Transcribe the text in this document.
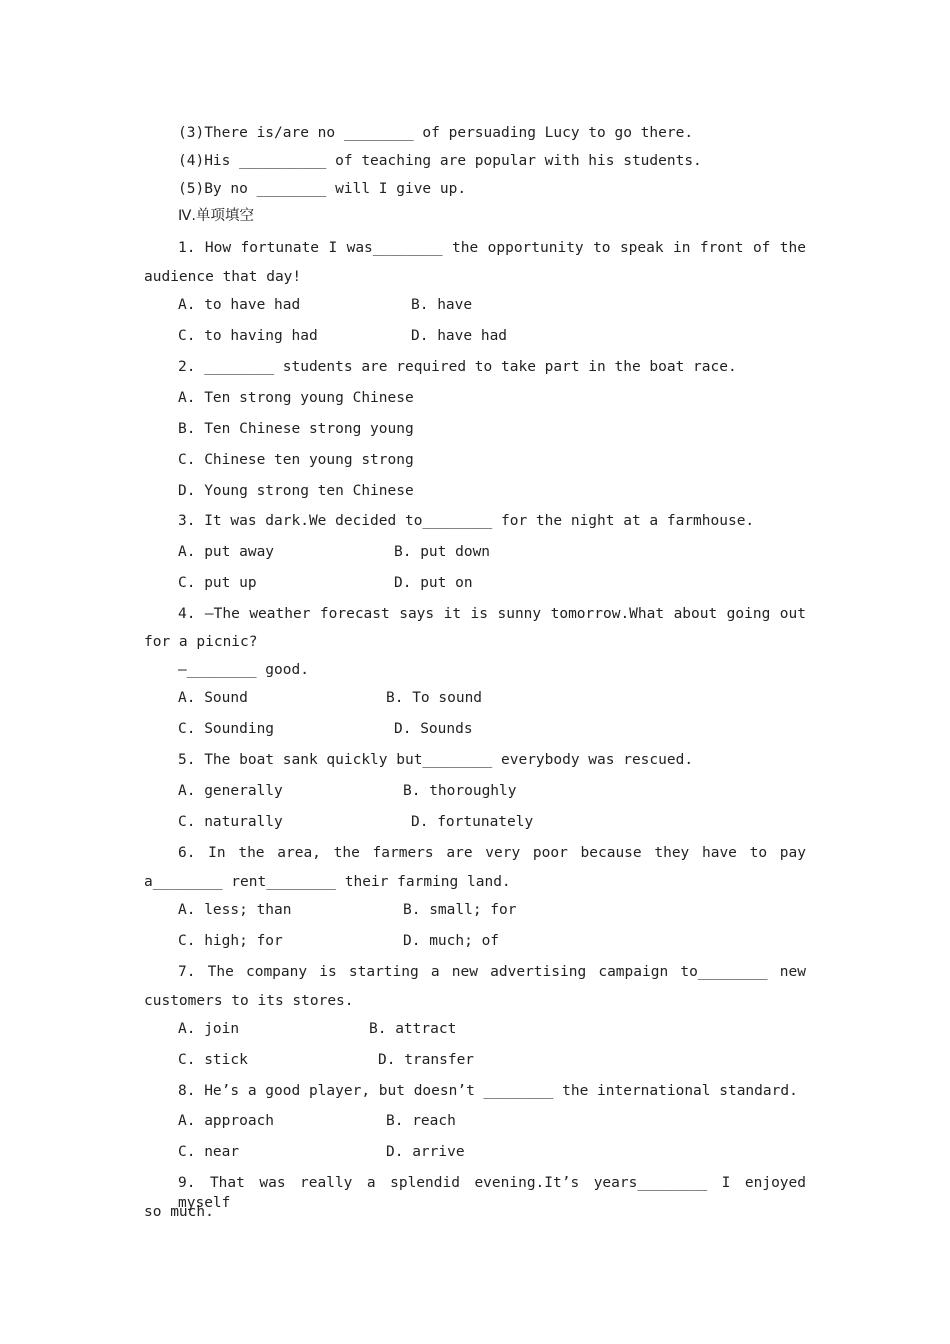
(3)There is/are no ________ of persuading Lucy to go there.
(4)His __________ of teaching are popular with his students.
(5)By no ________ will I give up.
Ⅳ.单项填空
1. How fortunate I was________ the opportunity to speak in front of the
audience that day!
A. to have had	B. have
C. to having had	D. have had
2. ________ students are required to take part in the boat race.
A. Ten strong young Chinese
B. Ten Chinese strong young
C. Chinese ten young strong
D. Young strong ten Chinese
3. It was dark.We decided to________ for the night at a farmhouse.
A. put away	B. put down
C. put up	D. put on
4. —The weather forecast says it is sunny tomorrow.What about going out
for a picnic?
—________ good.
A. Sound	B. To sound
C. Sounding	D. Sounds
5. The boat sank quickly but________ everybody was rescued.
A. generally	B. thoroughly
C. naturally	D. fortunately
6. In the area, the farmers are very poor because they have to pay
a________ rent________ their farming land.
A. less; than	B. small; for
C. high; for	D. much; of
7. The company is starting a new advertising campaign to________ new
customers to its stores.
A. join	B. attract
C. stick	D. transfer
8. He’s a good player, but doesn’t ________ the international standard.
A. approach	B. reach
C. near	D. arrive
9. That was really a splendid evening.It’s years________ I enjoyed myself
so much.
